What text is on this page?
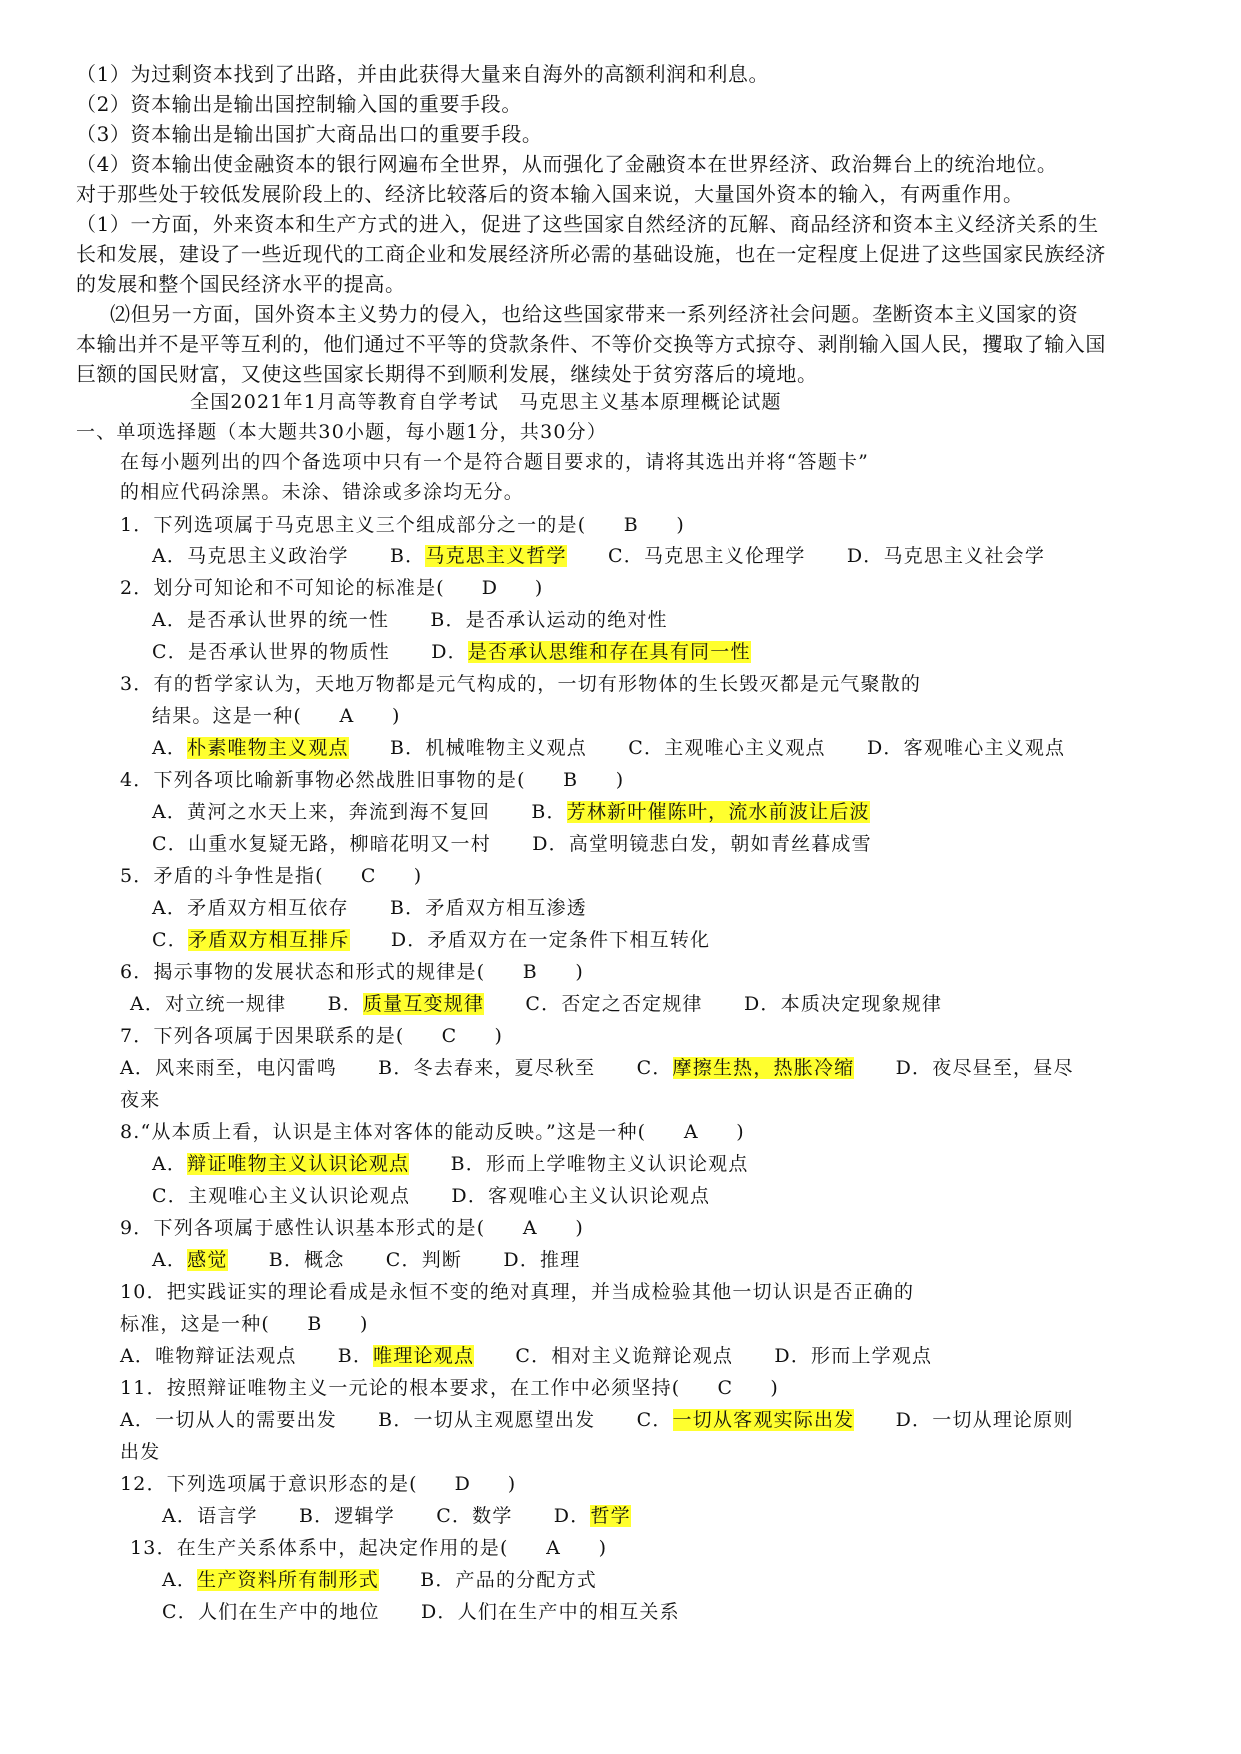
（1）为过剩资本找到了出路，并由此获得大量来自海外的高额利润和利息。
（2）资本输出是输出国控制输入国的重要手段。
（3）资本输出是输出国扩大商品出口的重要手段。
（4）资本输出使金融资本的银行网遍布全世界，从而强化了金融资本在世界经济、政治舞台上的统治地位。
对于那些处于较低发展阶段上的、经济比较落后的资本输入国来说，大量国外资本的输入，有两重作用。
（1）一方面，外来资本和生产方式的进入，促进了这些国家自然经济的瓦解、商品经济和资本主义经济关系的生
长和发展，建设了一些近现代的工商企业和发展经济所必需的基础设施，也在一定程度上促进了这些国家民族经济
的发展和整个国民经济水平的提高。
⑵但另一方面，国外资本主义势力的侵入，也给这些国家带来一系列经济社会问题。垄断资本主义国家的资
本输出并不是平等互利的，他们通过不平等的贷款条件、不等价交换等方式掠夺、剥削输入国人民，攫取了输入国
巨额的国民财富，又使这些国家长期得不到顺利发展，继续处于贫穷落后的境地。
全国2021年1月高等教育自学考试　马克思主义基本原理概论试题
一、单项选择题（本大题共30小题，每小题1分，共30分）
在每小题列出的四个备选项中只有一个是符合题目要求的，请将其选出并将“答题卡”
的相应代码涂黑。未涂、错涂或多涂均无分。
1．下列选项属于马克思主义三个组成部分之一的是( B )
A．马克思主义政治学 B．马克思主义哲学 C．马克思主义伦理学 D．马克思主义社会学
2．划分可知论和不可知论的标准是( D )
A．是否承认世界的统一性 B．是否承认运动的绝对性
C．是否承认世界的物质性 D．是否承认思维和存在具有同一性
3．有的哲学家认为，天地万物都是元气构成的，一切有形物体的生长毁灭都是元气聚散的
结果。这是一种( A )
A．朴素唯物主义观点 B．机械唯物主义观点 C．主观唯心主义观点 D．客观唯心主义观点
4．下列各项比喻新事物必然战胜旧事物的是( B )
A．黄河之水天上来，奔流到海不复回 B．芳林新叶催陈叶，流水前波让后波
C．山重水复疑无路，柳暗花明又一村 D．高堂明镜悲白发，朝如青丝暮成雪
5．矛盾的斗争性是指( C )
A．矛盾双方相互依存 B．矛盾双方相互渗透
C．矛盾双方相互排斥 D．矛盾双方在一定条件下相互转化
6．揭示事物的发展状态和形式的规律是( B )
A．对立统一规律 B．质量互变规律 C．否定之否定规律 D．本质决定现象规律
7．下列各项属于因果联系的是( C )
A．风来雨至，电闪雷鸣 B．冬去春来，夏尽秋至 C．摩擦生热，热胀冷缩 D．夜尽昼至，昼尽
夜来
8.“从本质上看，认识是主体对客体的能动反映。”这是一种( A )
A．辩证唯物主义认识论观点 B．形而上学唯物主义认识论观点
C．主观唯心主义认识论观点 D．客观唯心主义认识论观点
9．下列各项属于感性认识基本形式的是( A )
A．感觉 B．概念 C．判断 D．推理
10．把实践证实的理论看成是永恒不变的绝对真理，并当成检验其他一切认识是否正确的
标准，这是一种( B )
A．唯物辩证法观点 B．唯理论观点 C．相对主义诡辩论观点 D．形而上学观点
11．按照辩证唯物主义一元论的根本要求，在工作中必须坚持( C )
A．一切从人的需要出发 B．一切从主观愿望出发 C．一切从客观实际出发 D．一切从理论原则
出发
12．下列选项属于意识形态的是( D )
A．语言学 B．逻辑学 C．数学 D．哲学
13．在生产关系体系中，起决定作用的是( A )
A．生产资料所有制形式 B．产品的分配方式
C．人们在生产中的地位 D．人们在生产中的相互关系
